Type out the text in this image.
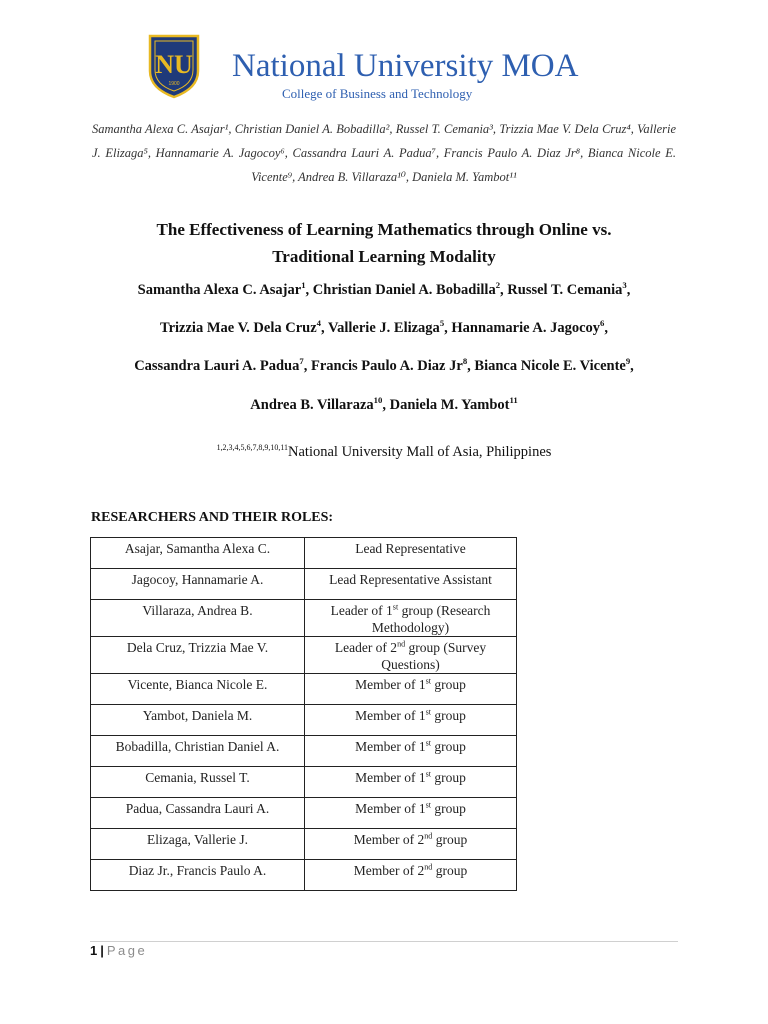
NU
1900 National University MOA
College of Business and Technology
Samantha Alexa C. Asajar¹, Christian Daniel A. Bobadilla², Russel T. Cemania³, Trizzia Mae V. Dela Cruz⁴, Vallerie J. Elizaga⁵, Hannamarie A. Jagocoy⁶, Cassandra Lauri A. Padua⁷, Francis Paulo A. Diaz Jr⁸, Bianca Nicole E. Vicente⁹, Andrea B. Villaraza¹⁰, Daniela M. Yambot¹¹
The Effectiveness of Learning Mathematics through Online vs.
Traditional Learning Modality
Samantha Alexa C. Asajar$^1$, Christian Daniel A. Bobadilla$^2$, Russel T. Cemania$^3$,
Trizzia Mae V. Dela Cruz$^4$, Vallerie J. Elizaga$^5$, Hannamarie A. Jagocoy$^6$,
Cassandra Lauri A. Padua$^7$, Francis Paulo A. Diaz Jr$^8$, Bianca Nicole E. Vicente$^9$,
Andrea B. Villaraza$^{10}$, Daniela M. Yambot$^{11}$
$^{1,2,3,4,5,6,7,8,9,10,11}$National University Mall of Asia, Philippines
RESEARCHERS AND THEIR ROLES:
Asajar, Samantha Alexa C.	Lead Representative
Jagocoy, Hannamarie A.	Lead Representative Assistant
Villaraza, Andrea B.	Leader of 1st group (Research Methodology)
Dela Cruz, Trizzia Mae V.	Leader of 2nd group (Survey Questions)
Vicente, Bianca Nicole E.	Member of 1st group
Yambot, Daniela M.	Member of 1st group
Bobadilla, Christian Daniel A.	Member of 1st group
Cemania, Russel T.	Member of 1st group
Padua, Cassandra Lauri A.	Member of 1st group
Elizaga, Vallerie J.	Member of 2nd group
Diaz Jr., Francis Paulo A.	Member of 2nd group
1 | Page
